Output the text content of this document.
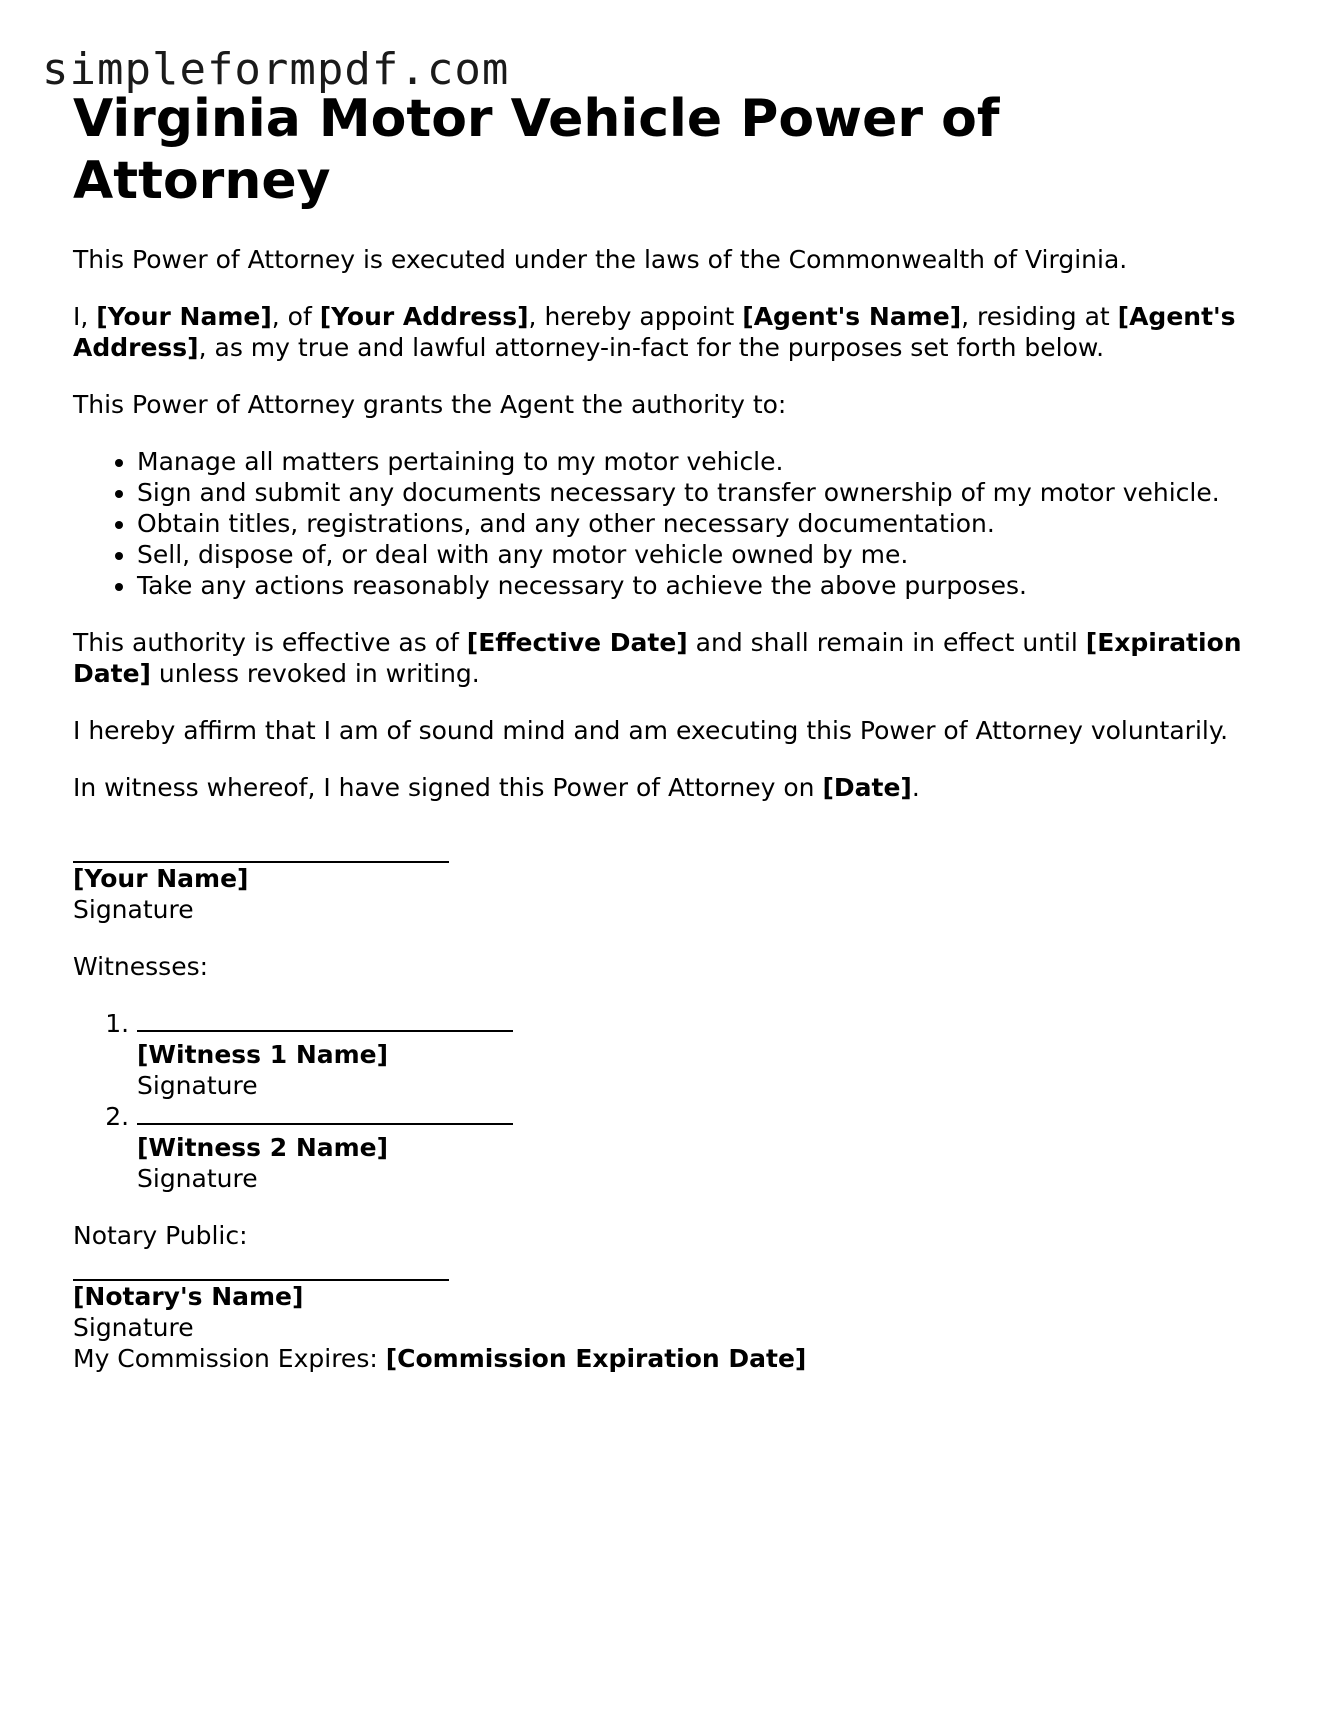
simpleformpdf.com
Virginia Motor Vehicle Power of Attorney

This Power of Attorney is executed under the laws of the Commonwealth of Virginia.

I, [Your Name], of [Your Address], hereby appoint [Agent's Name], residing at [Agent's Address], as my true and lawful attorney-in-fact for the purposes set forth below.

This Power of Attorney grants the Agent the authority to:

• Manage all matters pertaining to my motor vehicle.
• Sign and submit any documents necessary to transfer ownership of my motor vehicle.
• Obtain titles, registrations, and any other necessary documentation.
• Sell, dispose of, or deal with any motor vehicle owned by me.
• Take any actions reasonably necessary to achieve the above purposes.

This authority is effective as of [Effective Date] and shall remain in effect until [Expiration Date] unless revoked in writing.

I hereby affirm that I am of sound mind and am executing this Power of Attorney voluntarily.

In witness whereof, I have signed this Power of Attorney on [Date].

[Your Name]
Signature

Witnesses:

1. [Witness 1 Name]
Signature
2. [Witness 2 Name]
Signature
Notary Public:
[Notary's Name]
Signature
My Commission Expires: [Commission Expiration Date]
